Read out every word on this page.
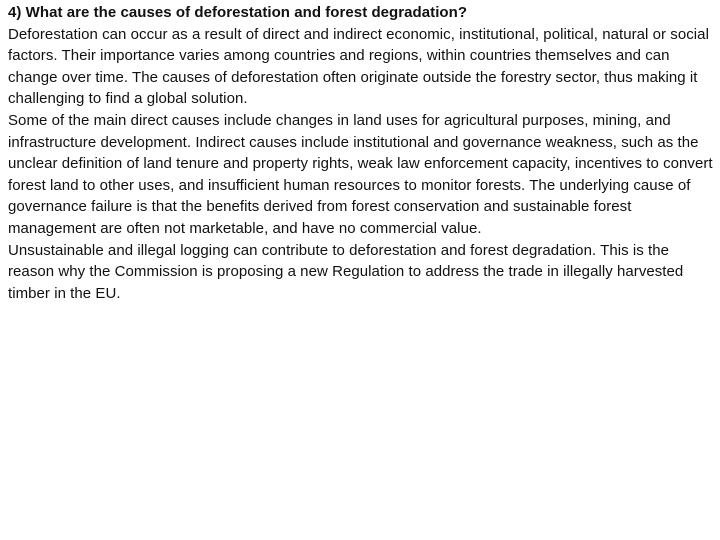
4) What are the causes of deforestation and forest degradation?

Deforestation can occur as a result of direct and indirect economic, institutional, political, natural or social factors. Their importance varies among countries and regions, within countries themselves and can change over time. The causes of deforestation often originate outside the forestry sector, thus making it challenging to find a global solution.

Some of the main direct causes include changes in land uses for agricultural purposes, mining, and infrastructure development. Indirect causes include institutional and governance weakness, such as the unclear definition of land tenure and property rights, weak law enforcement capacity, incentives to convert forest land to other uses, and insufficient human resources to monitor forests. The underlying cause of governance failure is that the benefits derived from forest conservation and sustainable forest management are often not marketable, and have no commercial value.

Unsustainable and illegal logging can contribute to deforestation and forest degradation. This is the reason why the Commission is proposing a new Regulation to address the trade in illegally harvested timber in the EU.
